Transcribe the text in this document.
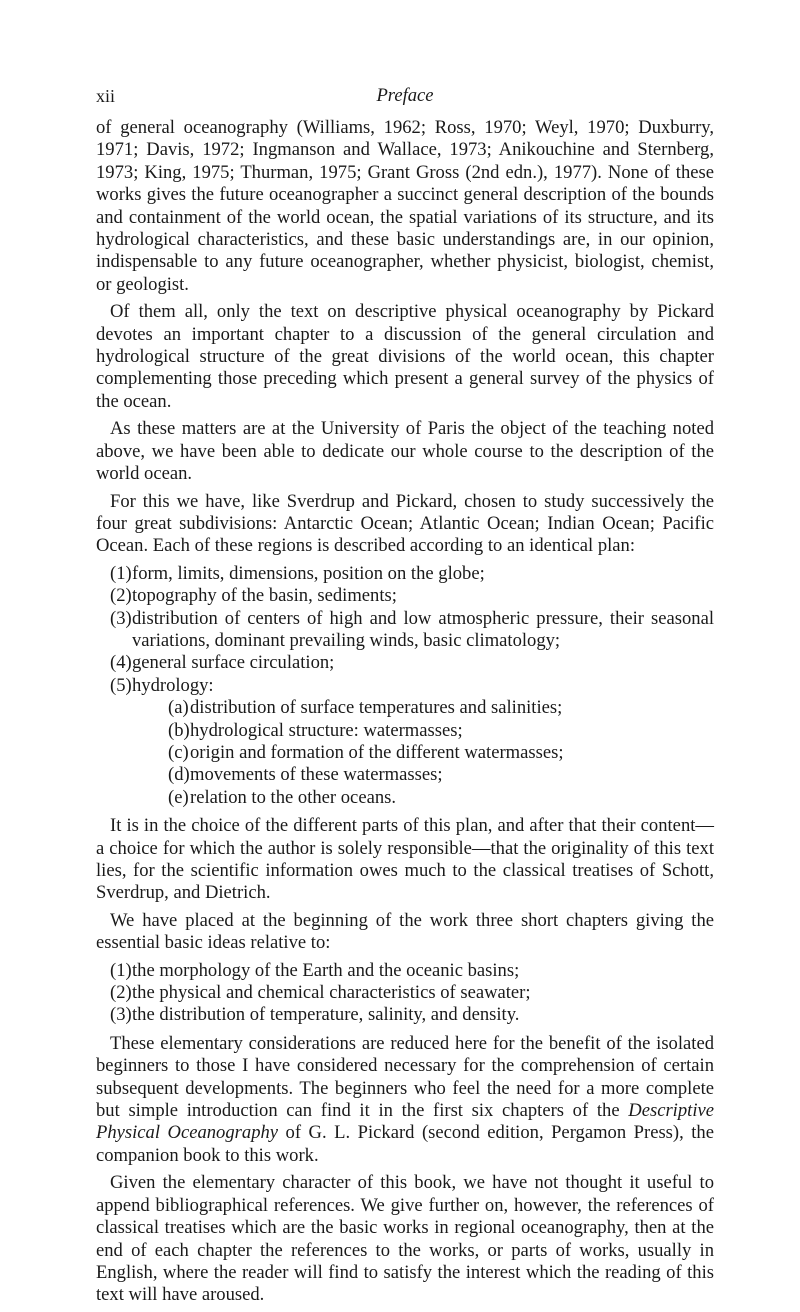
xii	Preface

of general oceanography (Williams, 1962; Ross, 1970; Weyl, 1970; Duxburry, 1971; Davis, 1972; Ingmanson and Wallace, 1973; Anikouchine and Sternberg, 1973; King, 1975; Thurman, 1975; Grant Gross (2nd edn.), 1977). None of these works gives the future oceanographer a succinct general description of the bounds and containment of the world ocean, the spatial variations of its structure, and its hydrological characteristics, and these basic understandings are, in our opinion, indispensable to any future oceanographer, whether physicist, biologist, chemist, or geologist.

Of them all, only the text on descriptive physical oceanography by Pickard devotes an important chapter to a discussion of the general circulation and hydrological structure of the great divisions of the world ocean, this chapter complementing those preceding which present a general survey of the physics of the ocean.

As these matters are at the University of Paris the object of the teaching noted above, we have been able to dedicate our whole course to the description of the world ocean.

For this we have, like Sverdrup and Pickard, chosen to study successively the four great subdivisions: Antarctic Ocean; Atlantic Ocean; Indian Ocean; Pacific Ocean. Each of these regions is described according to an identical plan:

(1) form, limits, dimensions, position on the globe;
(2) topography of the basin, sediments;
(3) distribution of centers of high and low atmospheric pressure, their seasonal variations, dominant prevailing winds, basic climatology;
(4) general surface circulation;
(5) hydrology:
(a) distribution of surface temperatures and salinities;
(b) hydrological structure: watermasses;
(c) origin and formation of the different watermasses;
(d) movements of these watermasses;
(e) relation to the other oceans.

It is in the choice of the different parts of this plan, and after that their content—a choice for which the author is solely responsible—that the originality of this text lies, for the scientific information owes much to the classical treatises of Schott, Sverdrup, and Dietrich.

We have placed at the beginning of the work three short chapters giving the essential basic ideas relative to:

(1) the morphology of the Earth and the oceanic basins;
(2) the physical and chemical characteristics of seawater;
(3) the distribution of temperature, salinity, and density.

These elementary considerations are reduced here for the benefit of the isolated beginners to those I have considered necessary for the comprehension of certain subsequent developments. The beginners who feel the need for a more complete but simple introduction can find it in the first six chapters of the Descriptive Physical Oceanography of G. L. Pickard (second edition, Pergamon Press), the companion book to this work.

Given the elementary character of this book, we have not thought it useful to append bibliographical references. We give further on, however, the references of classical treatises which are the basic works in regional oceanography, then at the end of each chapter the references to the works, or parts of works, usually in English, where the reader will find to satisfy the interest which the reading of this text will have aroused.
